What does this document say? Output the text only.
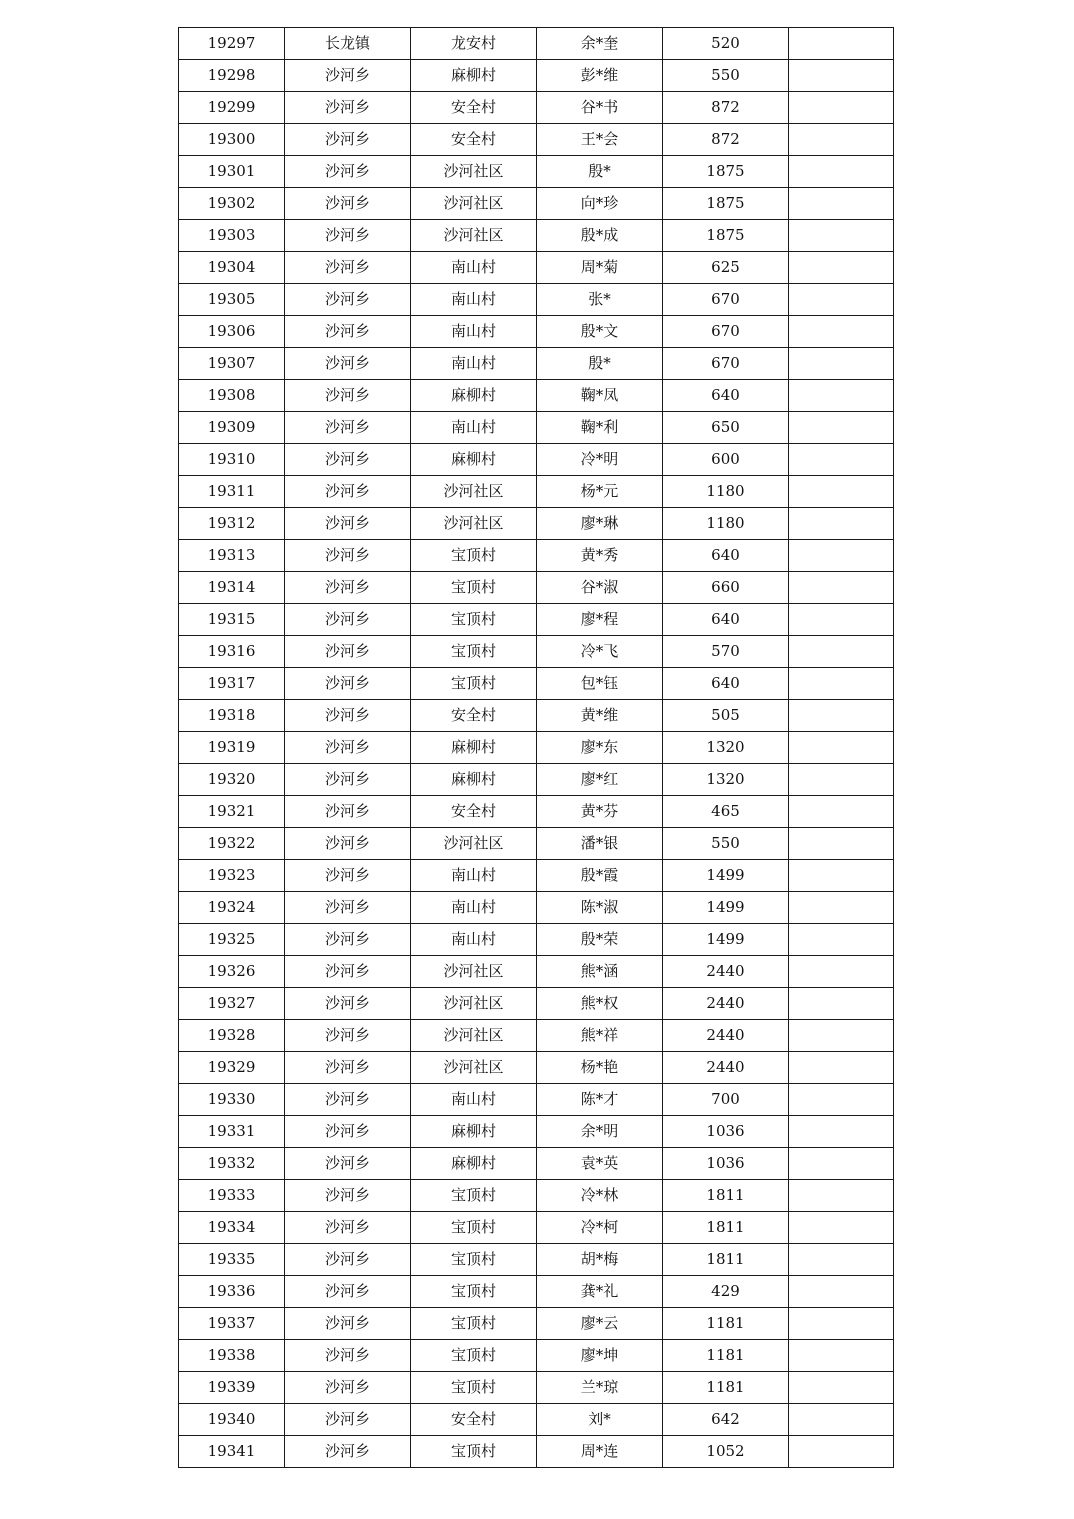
19297	长龙镇	龙安村	余*奎	520	
19298	沙河乡	麻柳村	彭*维	550	
19299	沙河乡	安全村	谷*书	872	
19300	沙河乡	安全村	王*会	872	
19301	沙河乡	沙河社区	殷*	1875	
19302	沙河乡	沙河社区	向*珍	1875	
19303	沙河乡	沙河社区	殷*成	1875	
19304	沙河乡	南山村	周*菊	625	
19305	沙河乡	南山村	张*	670	
19306	沙河乡	南山村	殷*文	670	
19307	沙河乡	南山村	殷*	670	
19308	沙河乡	麻柳村	鞠*凤	640	
19309	沙河乡	南山村	鞠*利	650	
19310	沙河乡	麻柳村	冷*明	600	
19311	沙河乡	沙河社区	杨*元	1180	
19312	沙河乡	沙河社区	廖*琳	1180	
19313	沙河乡	宝顶村	黄*秀	640	
19314	沙河乡	宝顶村	谷*淑	660	
19315	沙河乡	宝顶村	廖*程	640	
19316	沙河乡	宝顶村	冷*飞	570	
19317	沙河乡	宝顶村	包*钰	640	
19318	沙河乡	安全村	黄*维	505	
19319	沙河乡	麻柳村	廖*东	1320	
19320	沙河乡	麻柳村	廖*红	1320	
19321	沙河乡	安全村	黄*芬	465	
19322	沙河乡	沙河社区	潘*银	550	
19323	沙河乡	南山村	殷*霞	1499	
19324	沙河乡	南山村	陈*淑	1499	
19325	沙河乡	南山村	殷*荣	1499	
19326	沙河乡	沙河社区	熊*涵	2440	
19327	沙河乡	沙河社区	熊*权	2440	
19328	沙河乡	沙河社区	熊*祥	2440	
19329	沙河乡	沙河社区	杨*艳	2440	
19330	沙河乡	南山村	陈*才	700	
19331	沙河乡	麻柳村	余*明	1036	
19332	沙河乡	麻柳村	袁*英	1036	
19333	沙河乡	宝顶村	冷*林	1811	
19334	沙河乡	宝顶村	冷*柯	1811	
19335	沙河乡	宝顶村	胡*梅	1811	
19336	沙河乡	宝顶村	龚*礼	429	
19337	沙河乡	宝顶村	廖*云	1181	
19338	沙河乡	宝顶村	廖*坤	1181	
19339	沙河乡	宝顶村	兰*琼	1181	
19340	沙河乡	安全村	刘*	642	
19341	沙河乡	宝顶村	周*连	1052	
